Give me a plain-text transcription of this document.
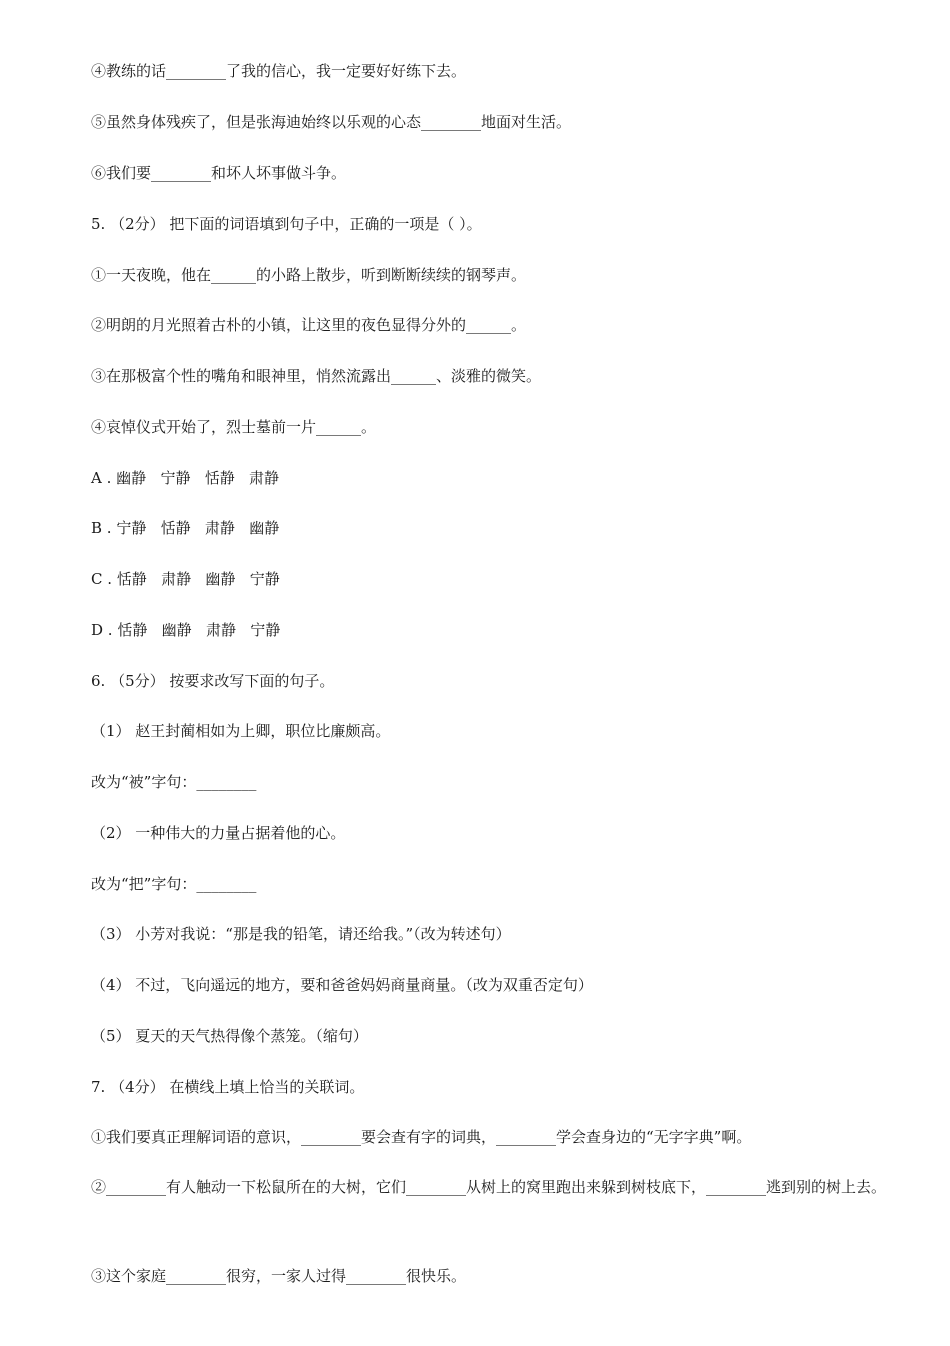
④教练的话________了我的信心，我一定要好好练下去。
⑤虽然身体残疾了，但是张海迪始终以乐观的心态________地面对生活。
⑥我们要________和坏人坏事做斗争。
5. （2分） 把下面的词语填到句子中，正确的一项是（ ）。
①一天夜晚，他在______的小路上散步，听到断断续续的钢琴声。
②明朗的月光照着古朴的小镇，让这里的夜色显得分外的______。
③在那极富个性的嘴角和眼神里，悄然流露出______、淡雅的微笑。
④哀悼仪式开始了，烈士墓前一片______。
A . 幽静   宁静   恬静   肃静
B . 宁静   恬静   肃静   幽静
C . 恬静   肃静   幽静   宁静
D . 恬静   幽静   肃静   宁静
6. （5分） 按要求改写下面的句子。
（1） 赵王封蔺相如为上卿，职位比廉颇高。
改为“被”字句：________
（2） 一种伟大的力量占据着他的心。
改为“把”字句：________
（3） 小芳对我说：“那是我的铅笔，请还给我。”（改为转述句）
（4） 不过，飞向遥远的地方，要和爸爸妈妈商量商量。（改为双重否定句）
（5） 夏天的天气热得像个蒸笼。（缩句）
7. （4分） 在横线上填上恰当的关联词。
①我们要真正理解词语的意识，________要会查有字的词典，________学会查身边的“无字字典”啊。
②________有人触动一下松鼠所在的大树，它们________从树上的窝里跑出来躲到树枝底下，________逃到别的树上去。
③这个家庭________很穷，一家人过得________很快乐。
